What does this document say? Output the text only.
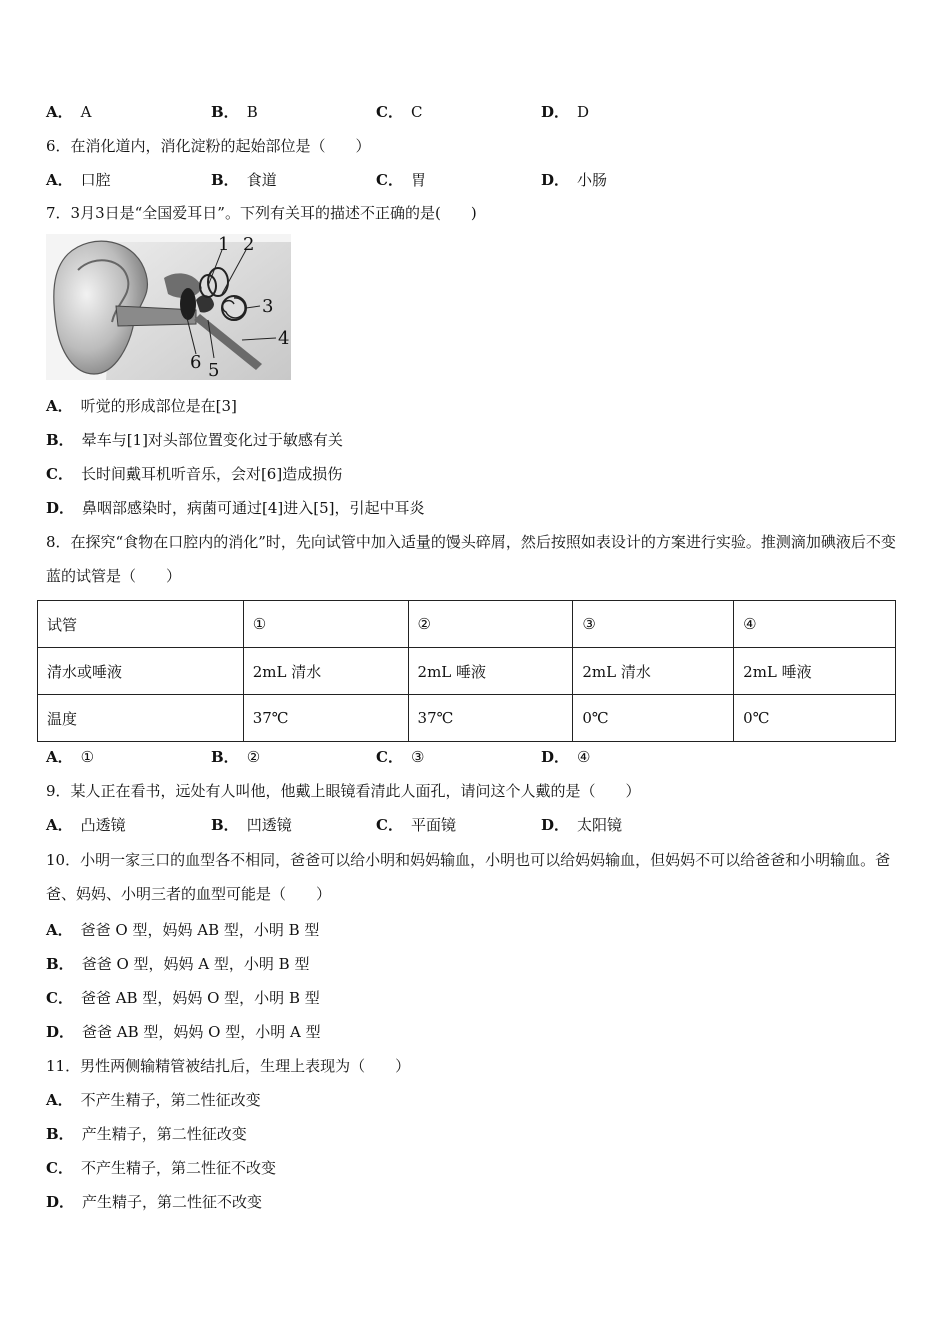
A． A	B． B	C． C	D． D
6．在消化道内，消化淀粉的起始部位是（　　）
A． 口腔	B． 食道	C． 胃	D． 小肠
7．3月3日是“全国爱耳日”。下列有关耳的描述不正确的是(　　)
1 2
3
4
5
6
A． 听觉的形成部位是在[3]
B． 晕车与[1]对头部位置变化过于敏感有关
C． 长时间戴耳机听音乐，会对[6]造成损伤
D． 鼻咽部感染时，病菌可通过[4]进入[5]，引起中耳炎
8．在探究“食物在口腔内的消化”时，先向试管中加入适量的馒头碎屑，然后按照如表设计的方案进行实验。推测滴加碘液后不变蓝的试管是（　　）
试管	①	②	③	④
清水或唾液	2mL 清水	2mL 唾液	2mL 清水	2mL 唾液
温度	37℃	37℃	0℃	0℃
A． ①	B． ②	C． ③	D． ④
9．某人正在看书，远处有人叫他，他戴上眼镜看清此人面孔，请问这个人戴的是（　　）
A． 凸透镜	B． 凹透镜	C． 平面镜	D． 太阳镜
10．小明一家三口的血型各不相同，爸爸可以给小明和妈妈输血，小明也可以给妈妈输血，但妈妈不可以给爸爸和小明输血。爸爸、妈妈、小明三者的血型可能是（　　）
A． 爸爸 O 型，妈妈 AB 型，小明 B 型
B． 爸爸 O 型，妈妈 A 型，小明 B 型
C． 爸爸 AB 型，妈妈 O 型，小明 B 型
D． 爸爸 AB 型，妈妈 O 型，小明 A 型
11．男性两侧输精管被结扎后，生理上表现为（　　）
A． 不产生精子，第二性征改变
B． 产生精子，第二性征改变
C． 不产生精子，第二性征不改变
D． 产生精子，第二性征不改变
